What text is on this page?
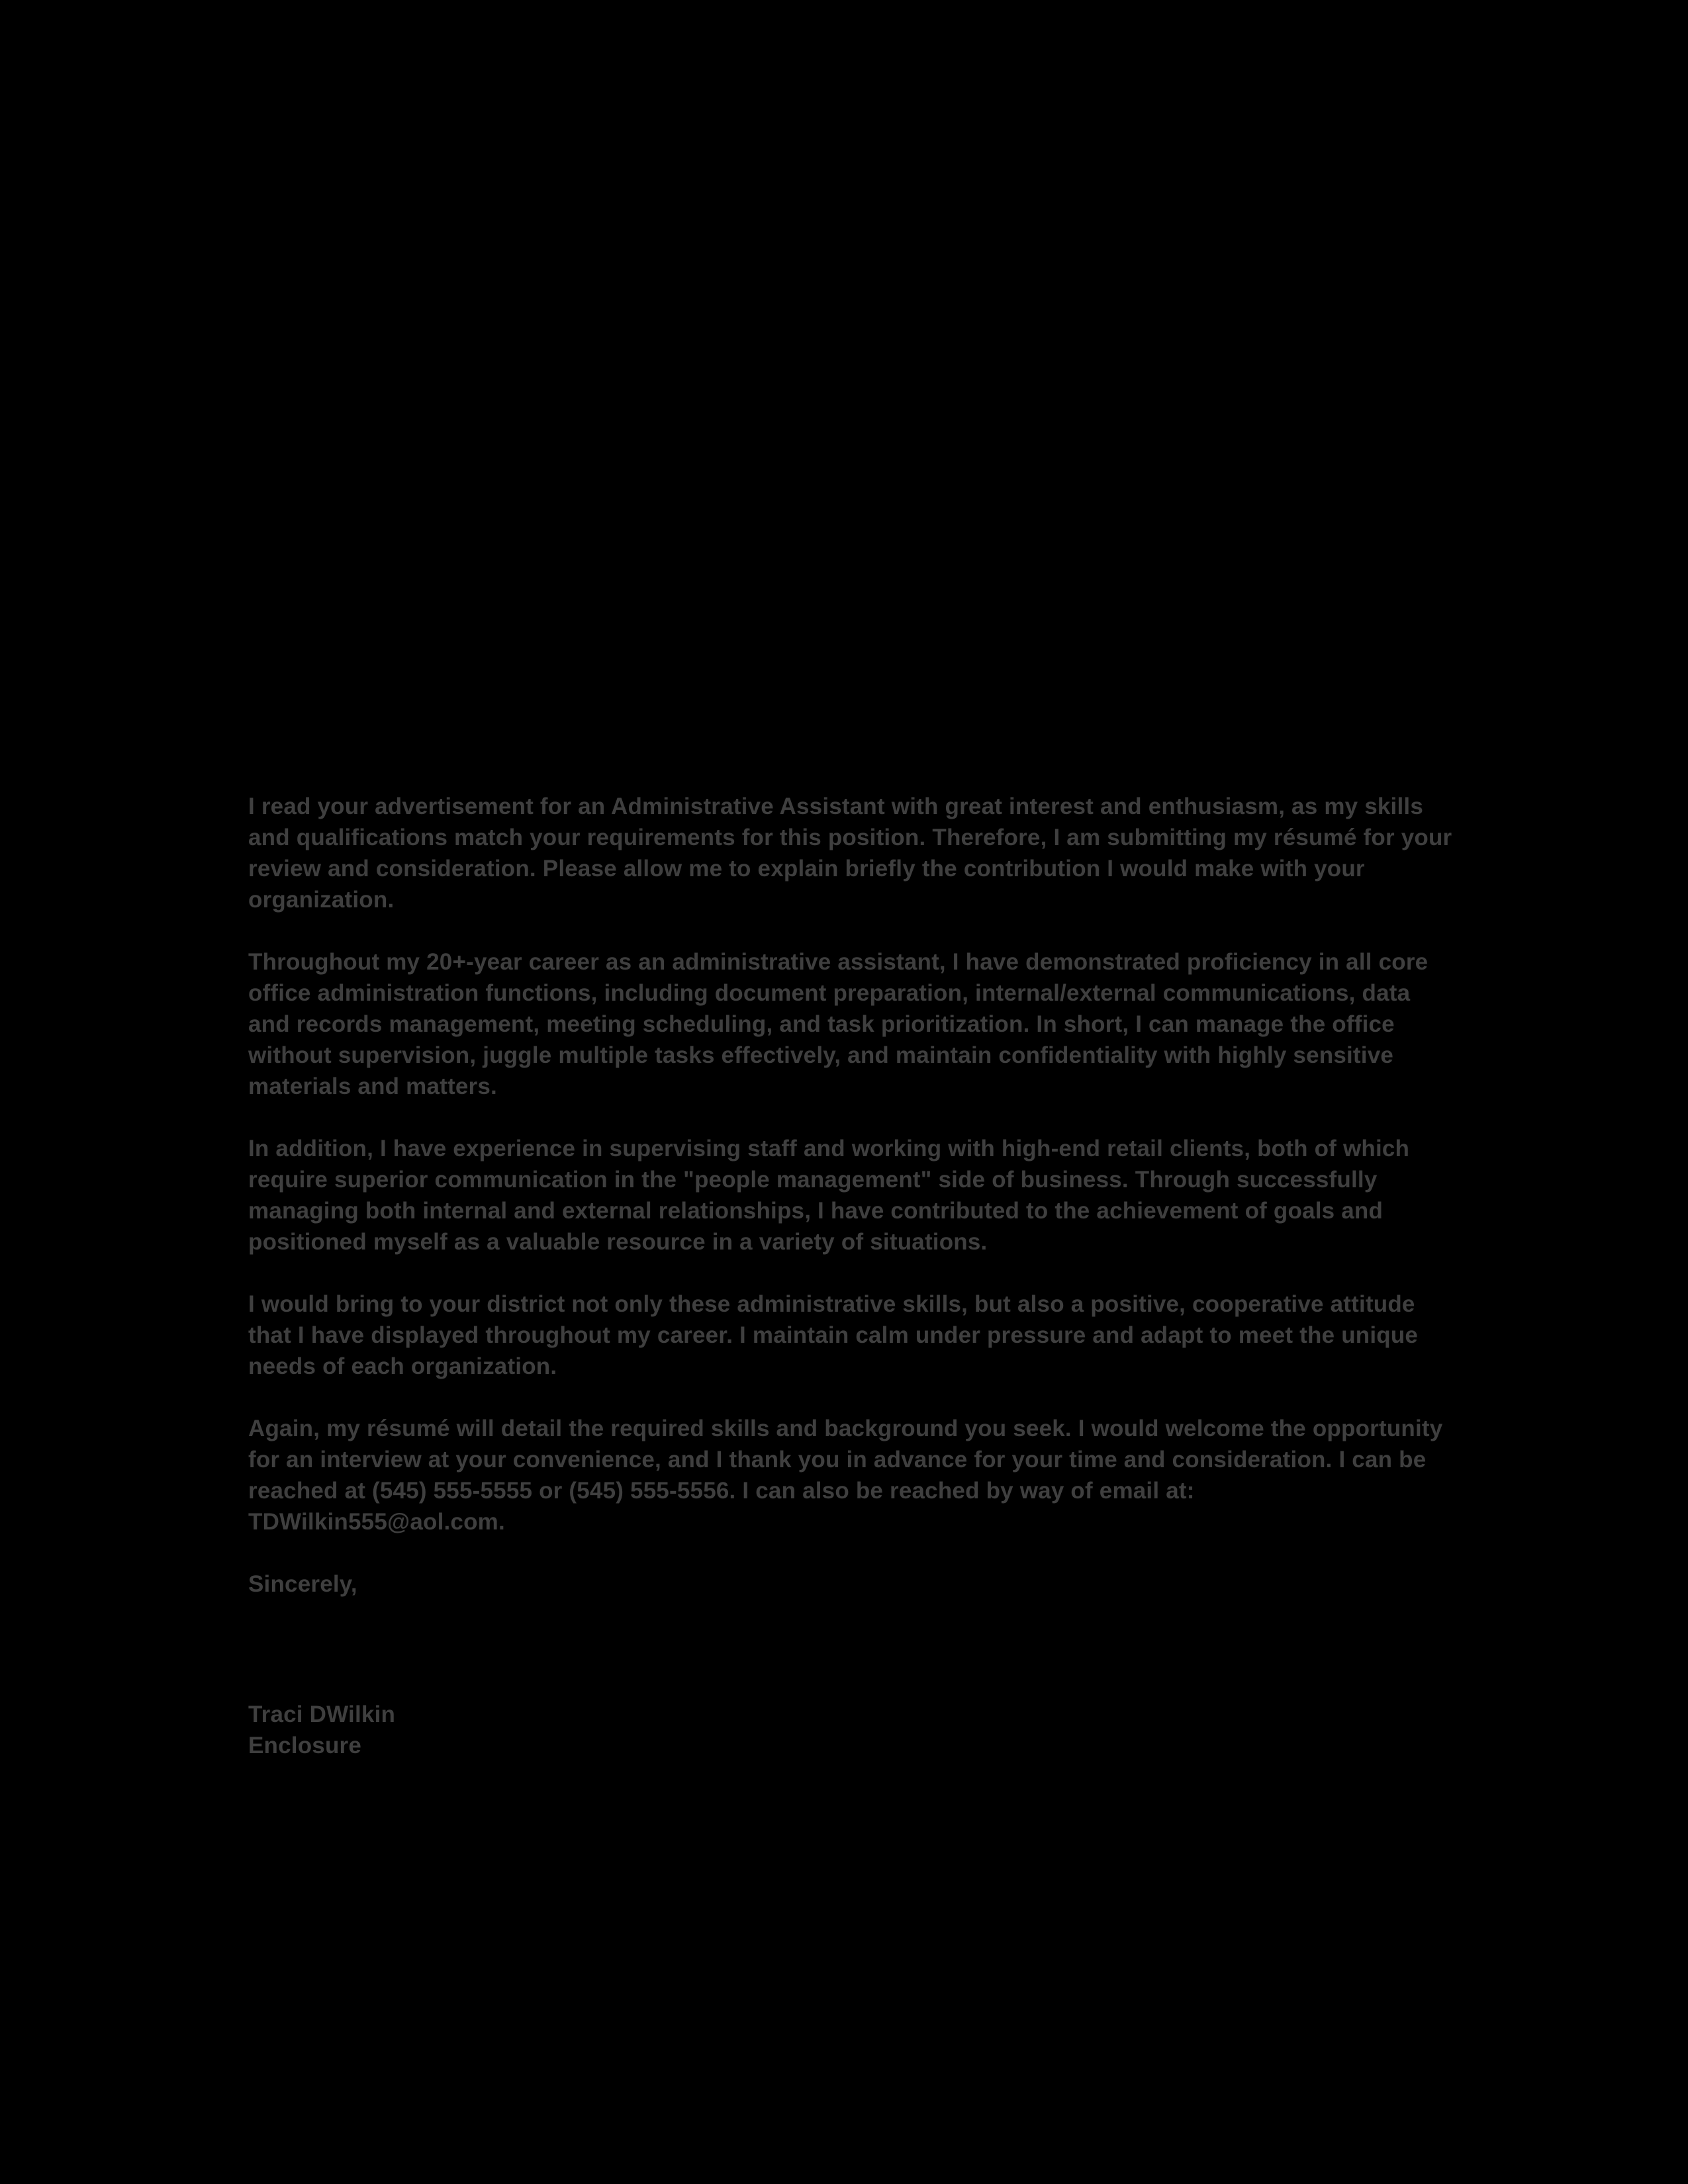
I read your advertisement for an Administrative Assistant with great interest and enthusiasm, as my skills and qualifications match your requirements for this position. Therefore, I am submitting my résumé for your review and consideration. Please allow me to explain briefly the contribution I would make with your organization.

Throughout my 20+-year career as an administrative assistant, I have demonstrated proficiency in all core office administration functions, including document preparation, internal/external communications, data and records management, meeting scheduling, and task prioritization. In short, I can manage the office without supervision, juggle multiple tasks effectively, and maintain confidentiality with highly sensitive materials and matters.

In addition, I have experience in supervising staff and working with high-end retail clients, both of which require superior communication in the "people management" side of business. Through successfully managing both internal and external relationships, I have contributed to the achievement of goals and positioned myself as a valuable resource in a variety of situations.

I would bring to your district not only these administrative skills, but also a positive, cooperative attitude that I have displayed throughout my career. I maintain calm under pressure and adapt to meet the unique needs of each organization.

Again, my résumé will detail the required skills and background you seek. I would welcome the opportunity for an interview at your convenience, and I thank you in advance for your time and consideration. I can be reached at (545) 555-5555 or (545) 555-5556. I can also be reached by way of email at: TDWilkin555@aol.com.

Sincerely,

Traci DWilkin
Enclosure
